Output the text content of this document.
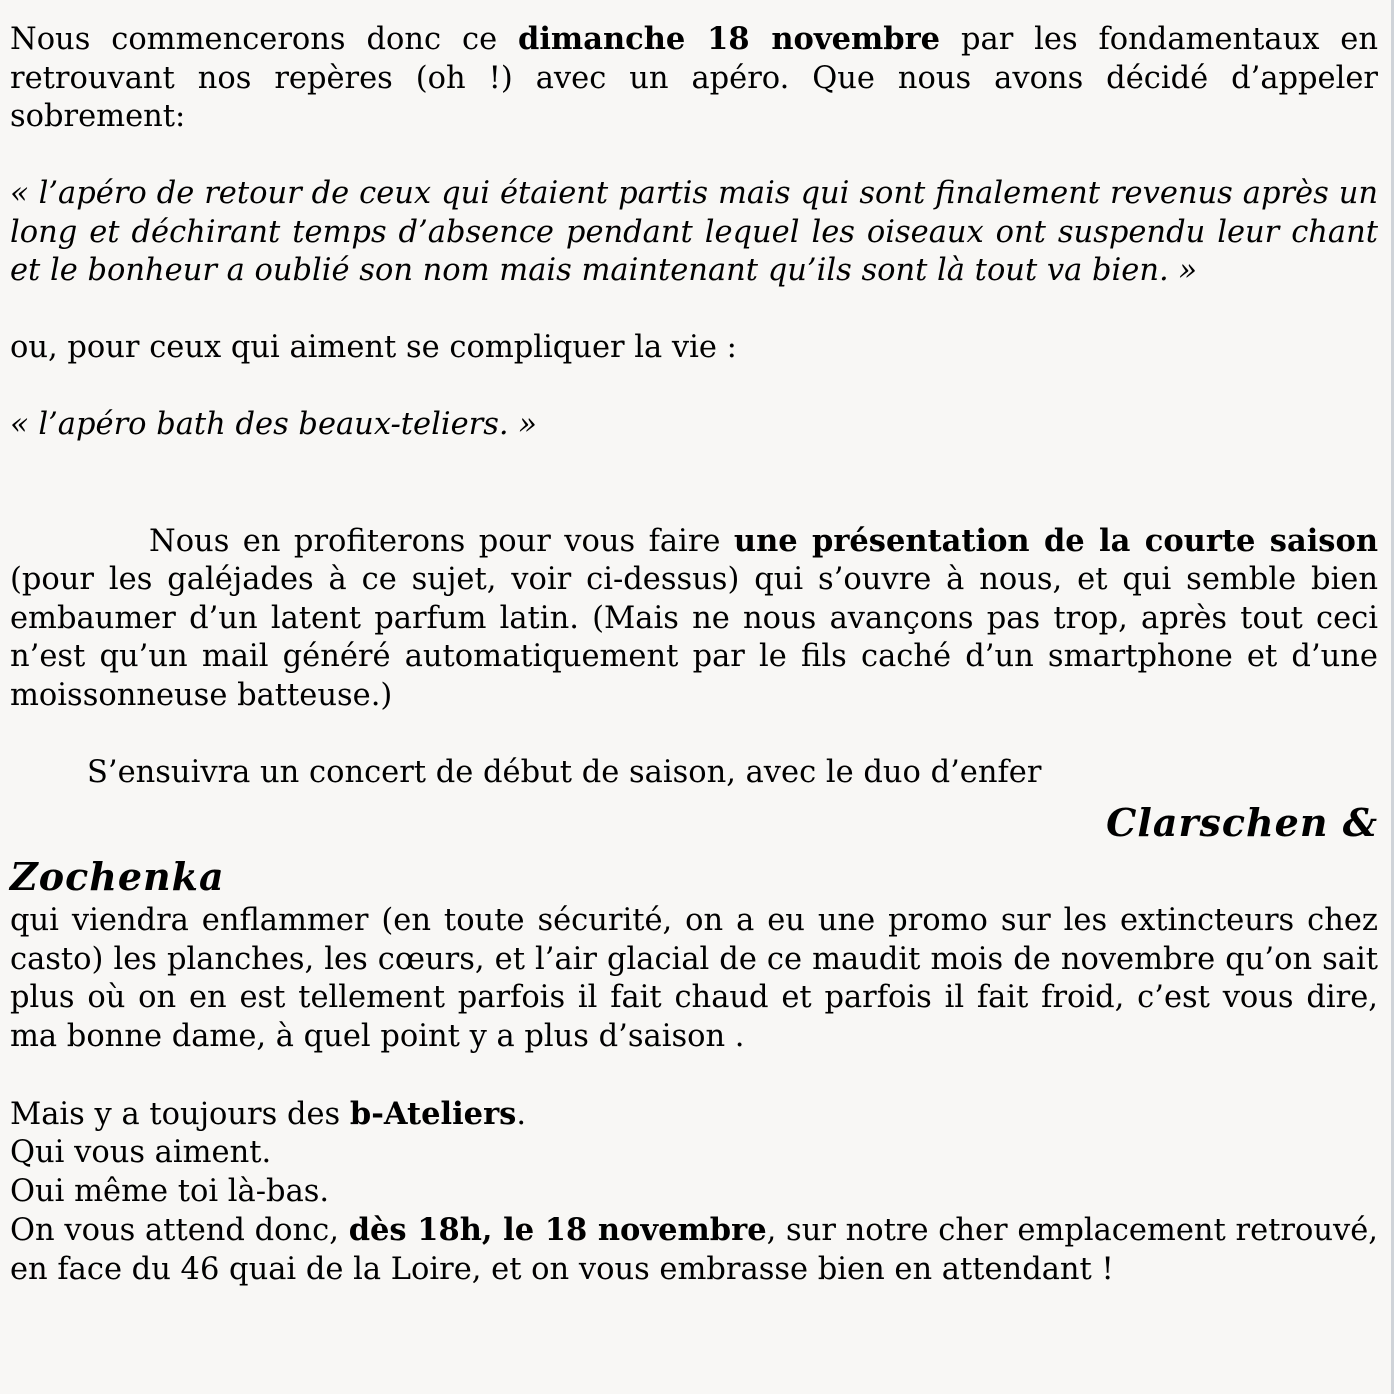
Nous commencerons donc ce dimanche 18 novembre par les fondamentaux en retrouvant nos repères (oh !) avec un apéro. Que nous avons décidé d’appeler sobrement:

« l’apéro de retour de ceux qui étaient partis mais qui sont finalement revenus après un long et déchirant temps d’absence pendant lequel les oiseaux ont suspendu leur chant et le bonheur a oublié son nom mais maintenant qu’ils sont là tout va bien. »

ou, pour ceux qui aiment se compliquer la vie :

« l’apéro bath des beaux-teliers. »

Nous en profiterons pour vous faire une présentation de la courte saison (pour les galéjades à ce sujet, voir ci-dessus) qui s’ouvre à nous, et qui semble bien embaumer d’un latent parfum latin. (Mais ne nous avançons pas trop, après tout ceci n’est qu’un mail généré automatiquement par le fils caché d’un smartphone et d’une moissonneuse batteuse.)

S’ensuivra un concert de début de saison, avec le duo d’enfer

Clarschen &

Zochenka

qui viendra enflammer (en toute sécurité, on a eu une promo sur les extincteurs chez casto) les planches, les cœurs, et l’air glacial de ce maudit mois de novembre qu’on sait plus où on en est tellement parfois il fait chaud et parfois il fait froid, c’est vous dire, ma bonne dame, à quel point y a plus d’saison .

Mais y a toujours des b-Ateliers.

Qui vous aiment.

Oui même toi là-bas.

On vous attend donc, dès 18h, le 18 novembre, sur notre cher emplacement retrouvé, en face du 46 quai de la Loire, et on vous embrasse bien en attendant !
